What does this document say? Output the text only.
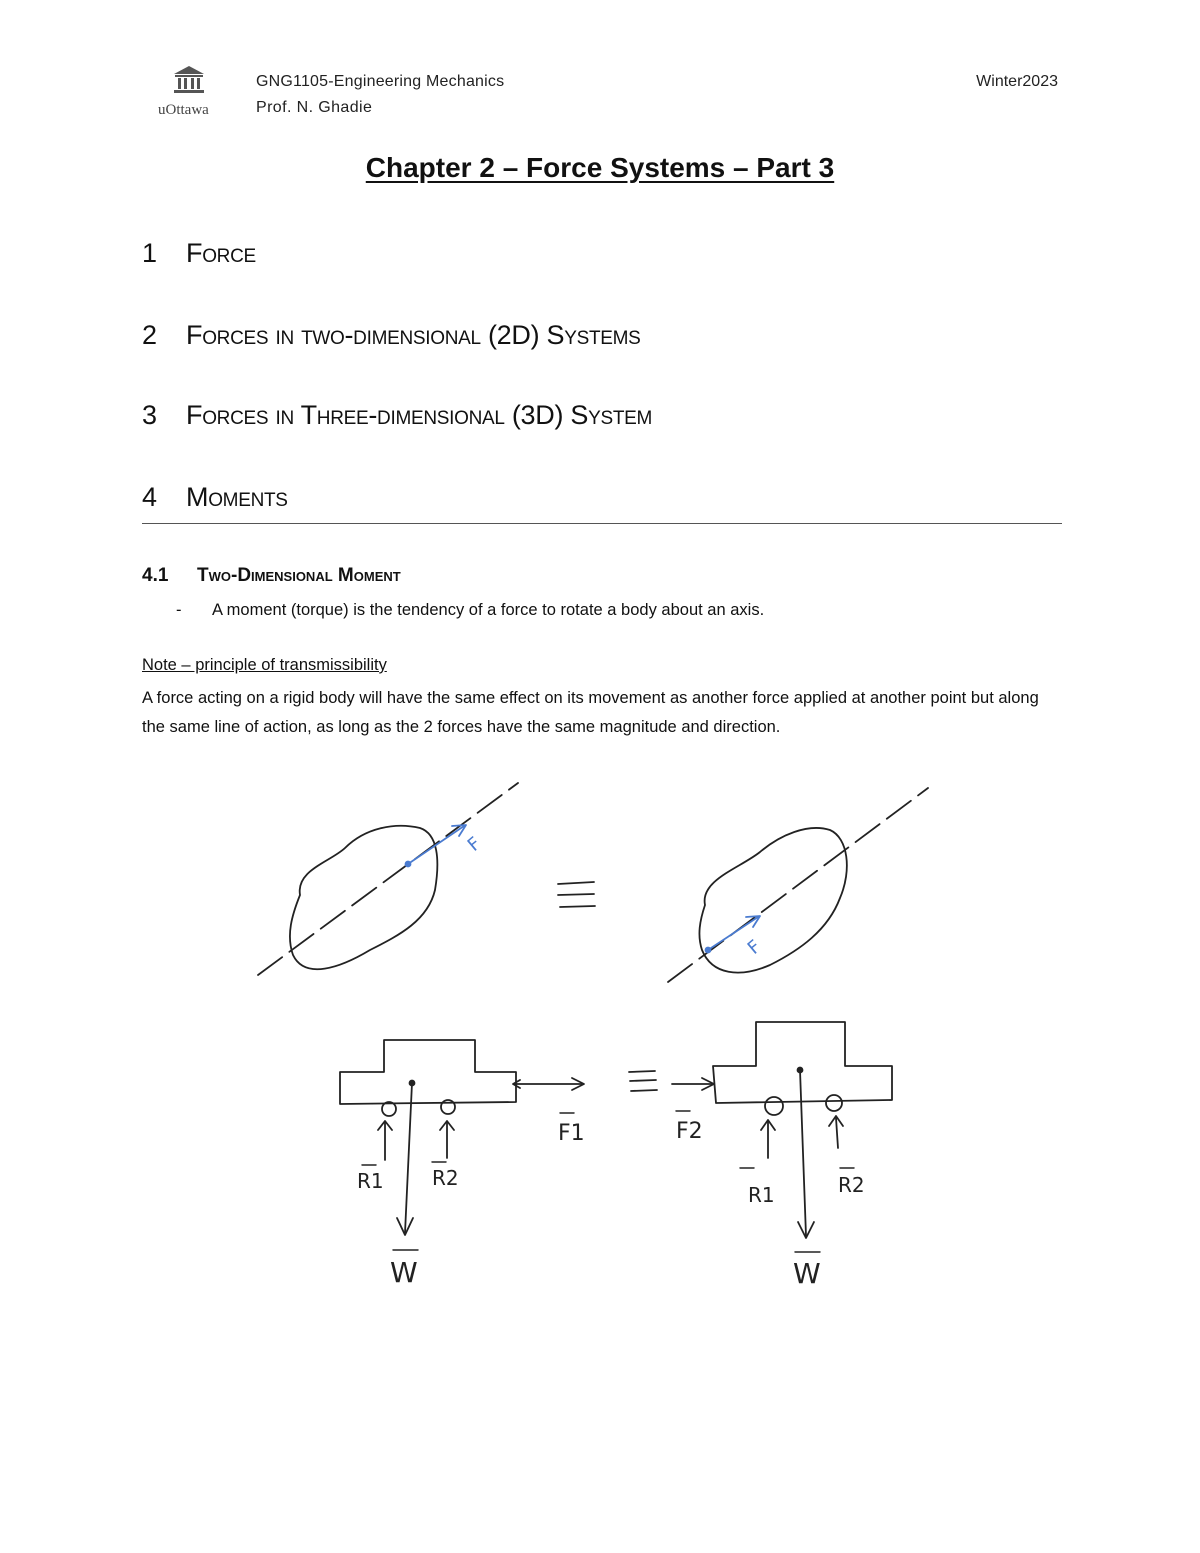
uOttawa
GNG1105-Engineering Mechanics
Prof. N. Ghadie
Winter2023
Chapter 2 – Force Systems – Part 3
1 Force
2 Forces in two-dimensional (2D) Systems
3 Forces in Three-dimensional (3D) System
4 Moments
4.1 Two-Dimensional Moment
- A moment (torque) is the tendency of a force to rotate a body about an axis.
Note – principle of transmissibility
A force acting on a rigid body will have the same effect on its movement as another force applied at another point but along the same line of action, as long as the 2 forces have the same magnitude and direction.
F
F
F1
R1 R2
W
F2
R1	R2
W
